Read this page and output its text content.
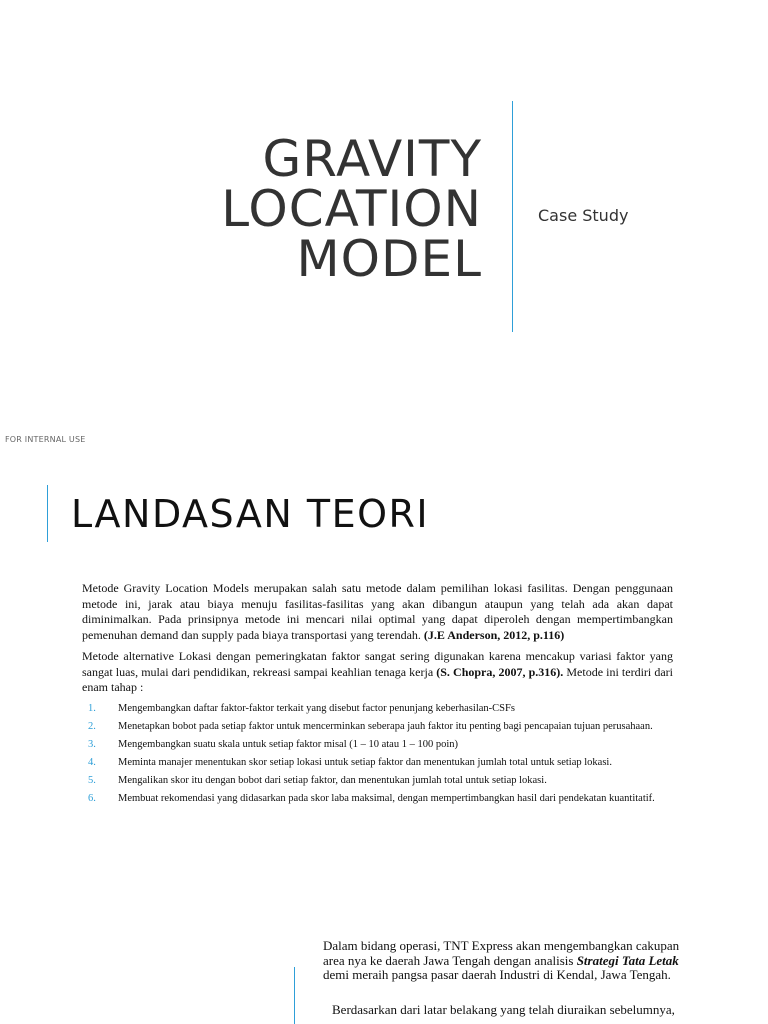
GRAVITY
LOCATION
MODEL
Case Study
FOR INTERNAL USE
LANDASAN TEORI

Metode Gravity Location Models merupakan salah satu metode dalam pemilihan lokasi fasilitas. Dengan penggunaan metode ini, jarak atau biaya menuju fasilitas-fasilitas yang akan dibangun ataupun yang telah ada akan dapat diminimalkan. Pada prinsipnya metode ini mencari nilai optimal yang dapat diperoleh dengan mempertimbangkan pemenuhan demand dan supply pada biaya transportasi yang terendah. (J.E Anderson, 2012, p.116)

Metode alternative Lokasi dengan pemeringkatan faktor sangat sering digunakan karena mencakup variasi faktor yang sangat luas, mulai dari pendidikan, rekreasi sampai keahlian tenaga kerja (S. Chopra, 2007, p.316). Metode ini terdiri dari enam tahap :

1. Mengembangkan daftar faktor-faktor terkait yang disebut factor penunjang keberhasilan-CSFs
2. Menetapkan bobot pada setiap faktor untuk mencerminkan seberapa jauh faktor itu penting bagi pencapaian tujuan perusahaan.
3. Mengembangkan suatu skala untuk setiap faktor misal (1 – 10 atau 1 – 100 poin)
4. Meminta manajer menentukan skor setiap lokasi untuk setiap faktor dan menentukan jumlah total untuk setiap lokasi.
5. Mengalikan skor itu dengan bobot dari setiap faktor, dan menentukan jumlah total untuk setiap lokasi.
6. Membuat rekomendasi yang didasarkan pada skor laba maksimal, dengan mempertimbangkan hasil dari pendekatan kuantitatif.

Dalam bidang operasi, TNT Express akan mengembangkan cakupan area nya ke daerah Jawa Tengah dengan analisis Strategi Tata Letak demi meraih pangsa pasar daerah Industri di Kendal, Jawa Tengah.

Berdasarkan dari latar belakang yang telah diuraikan sebelumnya,
